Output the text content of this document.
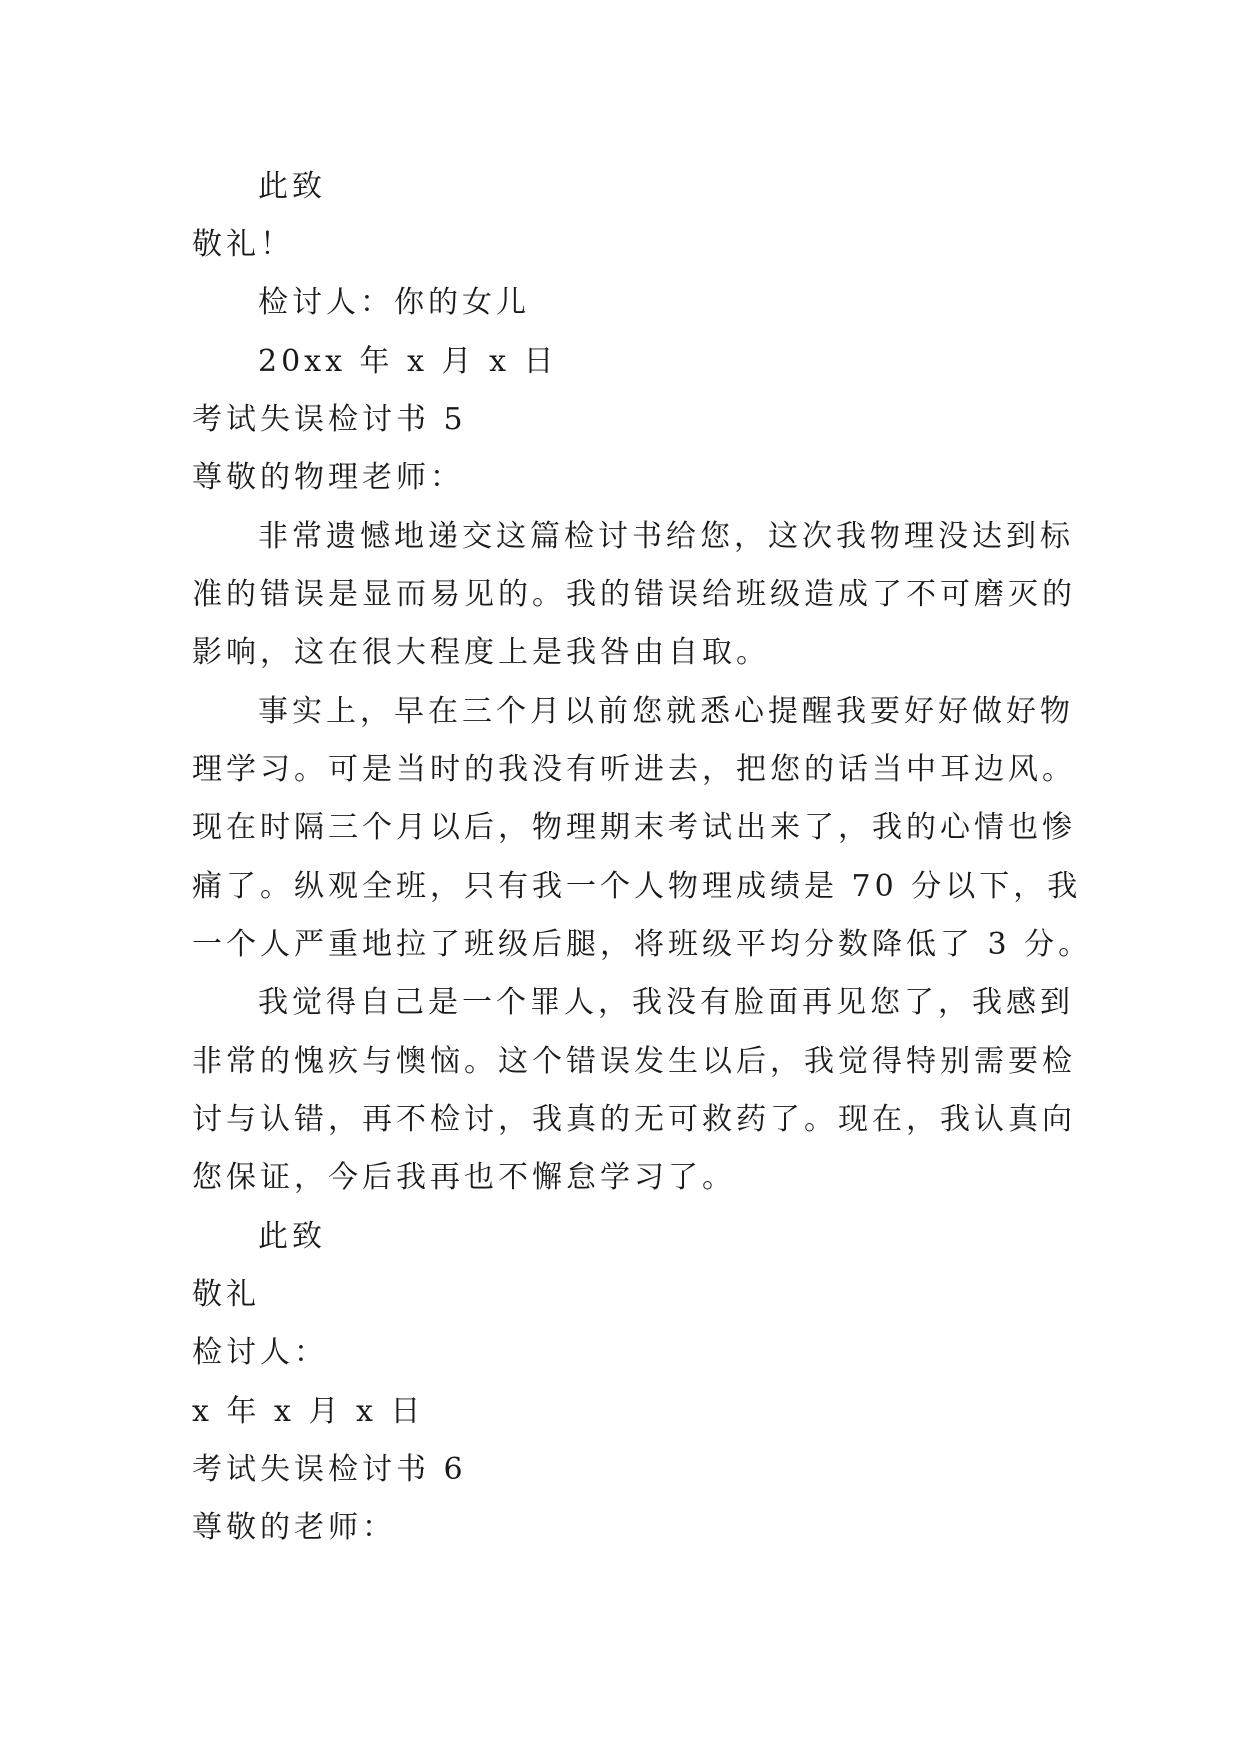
此致
敬礼！
检讨人：你的女儿
20xx 年 x 月 x 日
考试失误检讨书 5
尊敬的物理老师：
非常遗憾地递交这篇检讨书给您，这次我物理没达到标
准的错误是显而易见的。我的错误给班级造成了不可磨灭的
影响，这在很大程度上是我咎由自取。
事实上，早在三个月以前您就悉心提醒我要好好做好物
理学习。可是当时的我没有听进去，把您的话当中耳边风。
现在时隔三个月以后，物理期末考试出来了，我的心情也惨
痛了。纵观全班，只有我一个人物理成绩是 70 分以下，我
一个人严重地拉了班级后腿，将班级平均分数降低了 3 分。
我觉得自己是一个罪人，我没有脸面再见您了，我感到
非常的愧疚与懊恼。这个错误发生以后，我觉得特别需要检
讨与认错，再不检讨，我真的无可救药了。现在，我认真向
您保证，今后我再也不懈怠学习了。
此致
敬礼
检讨人：
x 年 x 月 x 日
考试失误检讨书 6
尊敬的老师：
